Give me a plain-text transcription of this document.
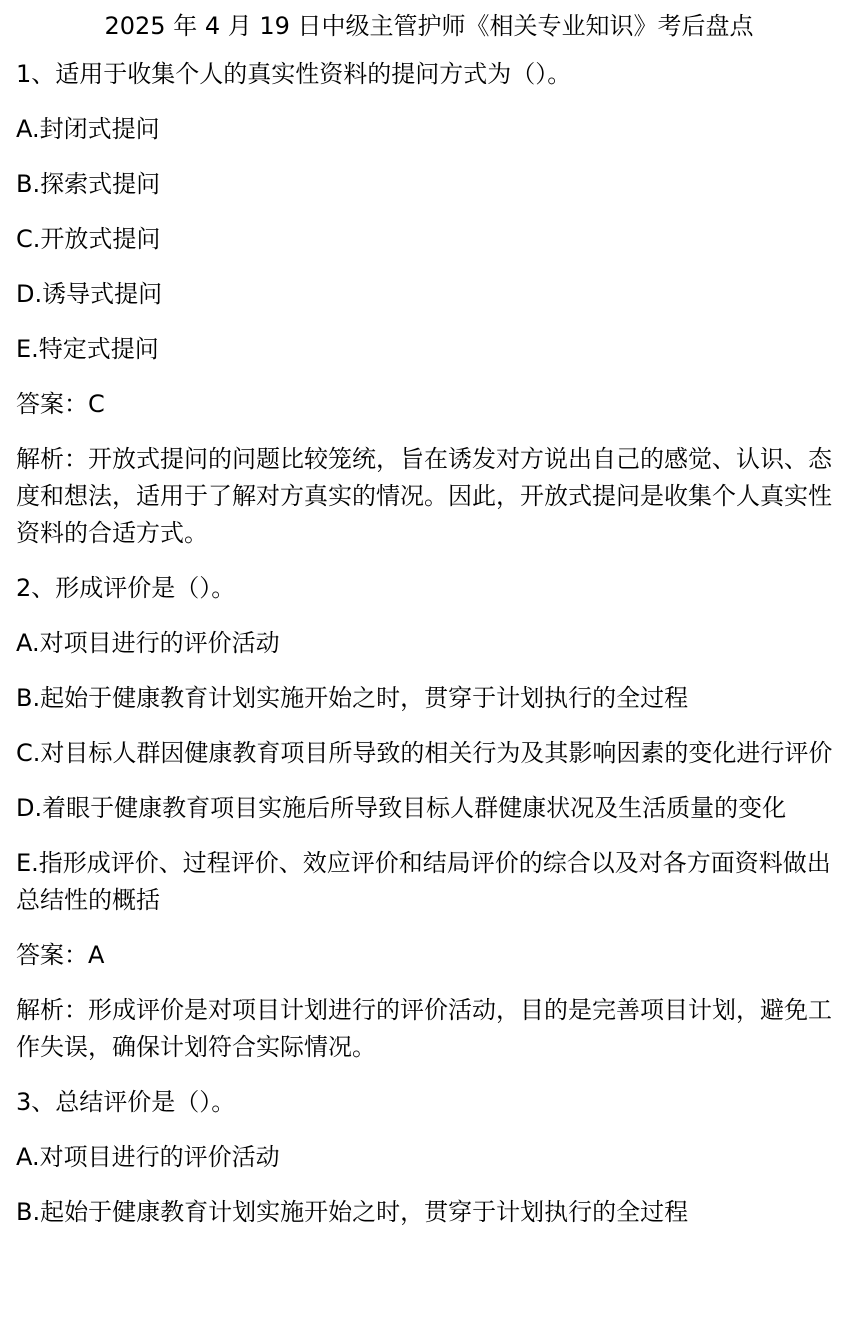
2025 年 4 月 19 日中级主管护师《相关专业知识》考后盘点
1、适用于收集个人的真实性资料的提问方式为（）。
A.封闭式提问
B.探索式提问
C.开放式提问
D.诱导式提问
E.特定式提问
答案：C
解析：开放式提问的问题比较笼统，旨在诱发对方说出自己的感觉、认识、态度和想法，适用于了解对方真实的情况。因此，开放式提问是收集个人真实性资料的合适方式。
2、形成评价是（）。
A.对项目进行的评价活动
B.起始于健康教育计划实施开始之时，贯穿于计划执行的全过程
C.对目标人群因健康教育项目所导致的相关行为及其影响因素的变化进行评价
D.着眼于健康教育项目实施后所导致目标人群健康状况及生活质量的变化
E.指形成评价、过程评价、效应评价和结局评价的综合以及对各方面资料做出总结性的概括
答案：A
解析：形成评价是对项目计划进行的评价活动，目的是完善项目计划，避免工作失误，确保计划符合实际情况。
3、总结评价是（）。
A.对项目进行的评价活动
B.起始于健康教育计划实施开始之时，贯穿于计划执行的全过程
